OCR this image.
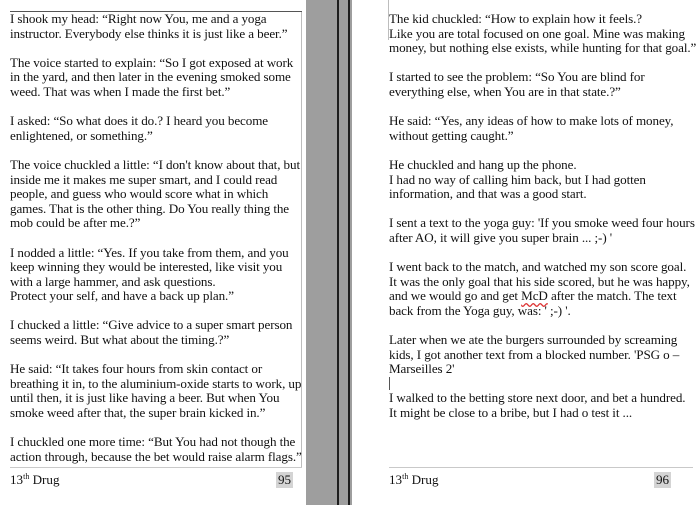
I shook my head: “Right now You, me and a yoga instructor. Everybody else thinks it is just like a beer.”

The voice started to explain: “So I got exposed at work in the yard, and then later in the evening smoked some weed. That was when I made the first bet.”

I asked: “So what does it do.? I heard you become enlightened, or something.”

The voice chuckled a little: “I don't know about that, but inside me it makes me super smart, and I could read people, and guess who would score what in which games. That is the other thing. Do You really thing the mob could be after me.?”

I nodded a little: “Yes. If you take from them, and you keep winning they would be interested, like visit you with a large hammer, and ask questions.
Protect your self, and have a back up plan.”

I chucked a little: “Give advice to a super smart person seems weird. But what about the timing.?”

He said: “It takes four hours from skin contact or breathing it in, to the aluminium-oxide starts to work, up until then, it is just like having a beer. But when You smoke weed after that, the super brain kicked in.”

I chuckled one more time: “But You had not though the action through, because the bet would raise alarm flags.”

13th Drug	95

The kid chuckled: “How to explain how it feels.?
Like you are total focused on one goal. Mine was making money, but nothing else exists, while hunting for that goal.”

I started to see the problem: “So You are blind for everything else, when You are in that state.?”

He said: “Yes, any ideas of how to make lots of money, without getting caught.”

He chuckled and hang up the phone.
I had no way of calling him back, but I had gotten information, and that was a good start.

I sent a text to the yoga guy: 'If you smoke weed four hours after AO, it will give you super brain ... ;-) '

I went back to the match, and watched my son score goal. It was the only goal that his side scored, but he was happy, and we would go and get McD after the match. The text back from the Yoga guy, was: ' ;-) '.

Later when we ate the burgers surrounded by screaming kids, I got another text from a blocked number. 'PSG o – Marseilles 2'

I walked to the betting store next door, and bet a hundred.
It might be close to a bribe, but I had o test it ...

13th Drug	96
